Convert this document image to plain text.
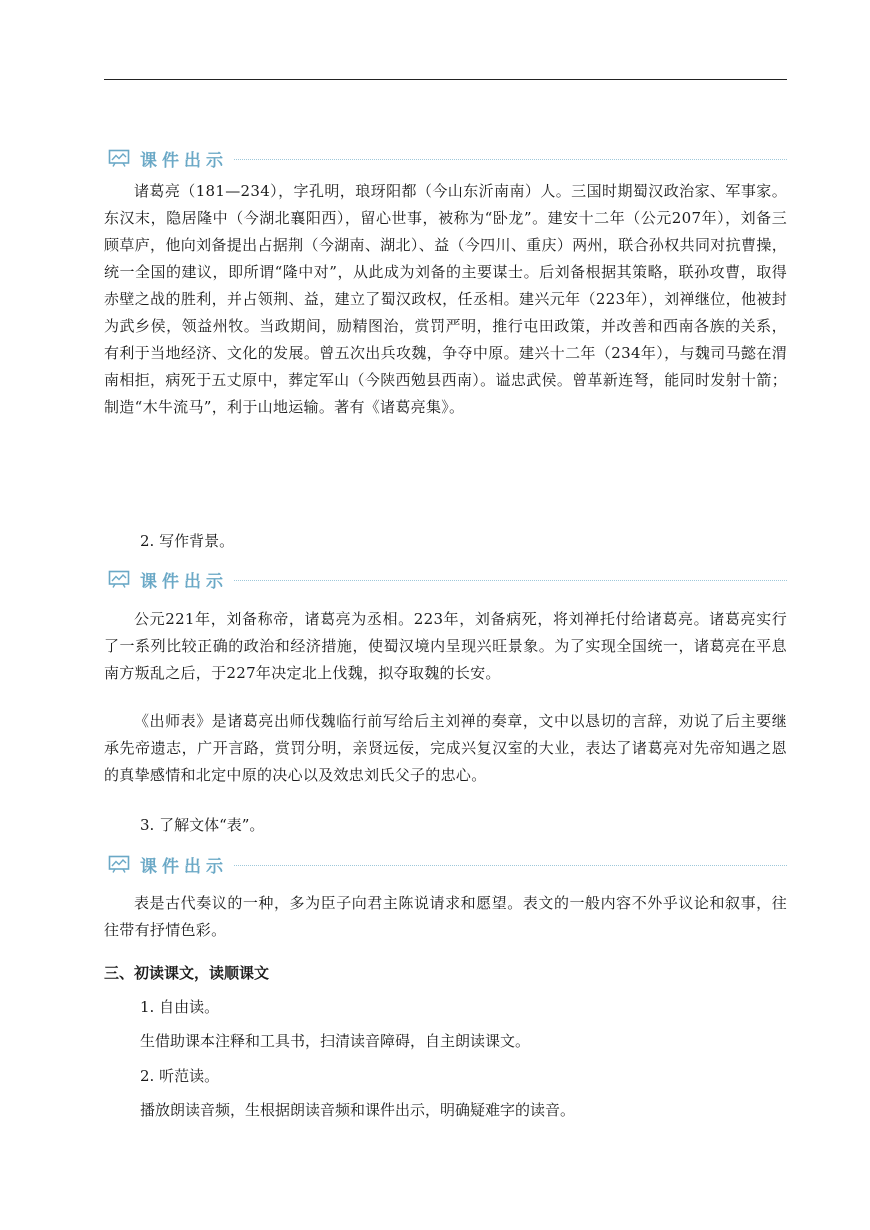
课件出示

诸葛亮（181—234），字孔明，琅玡阳都（今山东沂南南）人。三国时期蜀汉政治家、军事家。东汉末，隐居隆中（今湖北襄阳西），留心世事，被称为“卧龙”。建安十二年（公元207年），刘备三顾草庐，他向刘备提出占据荆（今湖南、湖北）、益（今四川、重庆）两州，联合孙权共同对抗曹操，统一全国的建议，即所谓“隆中对”，从此成为刘备的主要谋士。后刘备根据其策略，联孙攻曹，取得赤壁之战的胜利，并占领荆、益，建立了蜀汉政权，任丞相。建兴元年（223年），刘禅继位，他被封为武乡侯，领益州牧。当政期间，励精图治，赏罚严明，推行屯田政策，并改善和西南各族的关系，有利于当地经济、文化的发展。曾五次出兵攻魏，争夺中原。建兴十二年（234年），与魏司马懿在渭南相拒，病死于五丈原中，葬定军山（今陕西勉县西南）。谥忠武侯。曾革新连弩，能同时发射十箭；制造“木牛流马”，利于山地运输。著有《诸葛亮集》。

2. 写作背景。
课件出示

公元221年，刘备称帝，诸葛亮为丞相。223年，刘备病死，将刘禅托付给诸葛亮。诸葛亮实行了一系列比较正确的政治和经济措施，使蜀汉境内呈现兴旺景象。为了实现全国统一，诸葛亮在平息南方叛乱之后，于227年决定北上伐魏，拟夺取魏的长安。

《出师表》是诸葛亮出师伐魏临行前写给后主刘禅的奏章，文中以恳切的言辞，劝说了后主要继承先帝遗志，广开言路，赏罚分明，亲贤远佞，完成兴复汉室的大业，表达了诸葛亮对先帝知遇之恩的真挚感情和北定中原的决心以及效忠刘氏父子的忠心。

3. 了解文体“表”。
课件出示

表是古代奏议的一种，多为臣子向君主陈说请求和愿望。表文的一般内容不外乎议论和叙事，往往带有抒情色彩。

三、初读课文，读顺课文
1. 自由读。
生借助课本注释和工具书，扫清读音障碍，自主朗读课文。
2. 听范读。
播放朗读音频，生根据朗读音频和课件出示，明确疑难字的读音。
